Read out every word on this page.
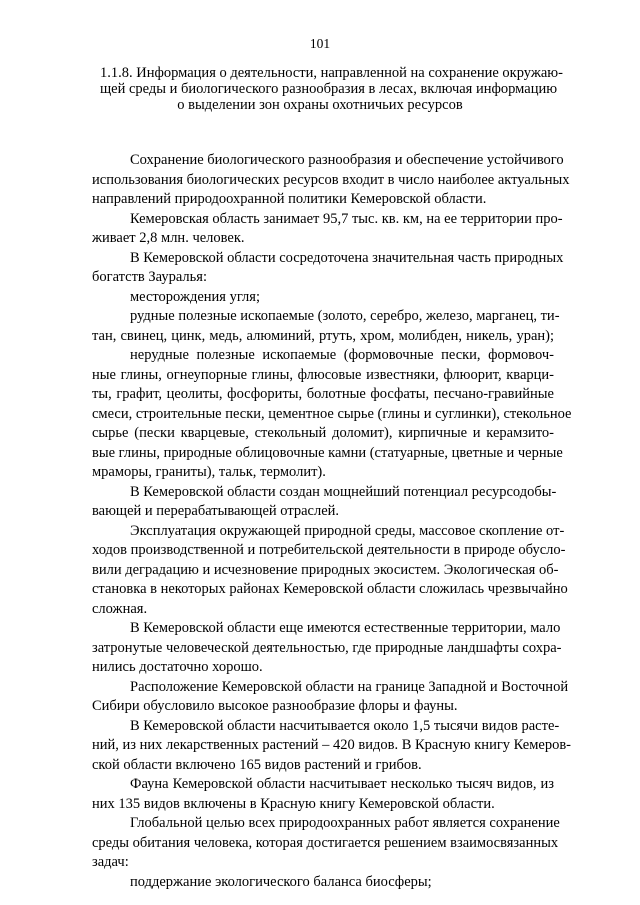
101
1.1.8. Информация о деятельности, направленной на сохранение окружаю-
щей среды и биологического разнообразия в лесах, включая информацию
о выделении зон охраны охотничьих ресурсов
Сохранение биологического разнообразия и обеспечение устойчивого
использования биологических ресурсов входит в число наиболее актуальных
направлений природоохранной политики Кемеровской области.
Кемеровская область занимает 95,7 тыс. кв. км, на ее территории про-
живает 2,8 млн. человек.
В Кемеровской области сосредоточена значительная часть природных
богатств Зауралья:
месторождения угля;
рудные полезные ископаемые (золото, серебро, железо, марганец, ти-
тан, свинец, цинк, медь, алюминий, ртуть, хром, молибден, никель, уран);
нерудные полезные ископаемые (формовочные пески, формовоч-
ные глины, огнеупорные глины, флюсовые известняки, флюорит, кварци-
ты, графит, цеолиты, фосфориты, болотные фосфаты, песчано-гравийные
смеси, строительные пески, цементное сырье (глины и суглинки), стекольное
сырье (пески кварцевые, стекольный доломит), кирпичные и керамзито-
вые глины, природные облицовочные камни (статуарные, цветные и черные
мраморы, граниты), тальк, термолит).
В Кемеровской области создан мощнейший потенциал ресурсодобы-
вающей и перерабатывающей отраслей.
Эксплуатация окружающей природной среды, массовое скопление от-
ходов производственной и потребительской деятельности в природе обусло-
вили деградацию и исчезновение природных экосистем. Экологическая об-
становка в некоторых районах Кемеровской области сложилась чрезвычайно
сложная.
В Кемеровской области еще имеются естественные территории, мало
затронутые человеческой деятельностью, где природные ландшафты сохра-
нились достаточно хорошо.
Расположение Кемеровской области на границе Западной и Восточной
Сибири обусловило высокое разнообразие флоры и фауны.
В Кемеровской области насчитывается около 1,5 тысячи видов расте-
ний, из них лекарственных растений – 420 видов. В Красную книгу Кемеров-
ской области включено 165 видов растений и грибов.
Фауна Кемеровской области насчитывает несколько тысяч видов, из
них 135 видов включены в Красную книгу Кемеровской области.
Глобальной целью всех природоохранных работ является сохранение
среды обитания человека, которая достигается решением взаимосвязанных
задач:
поддержание экологического баланса биосферы;
